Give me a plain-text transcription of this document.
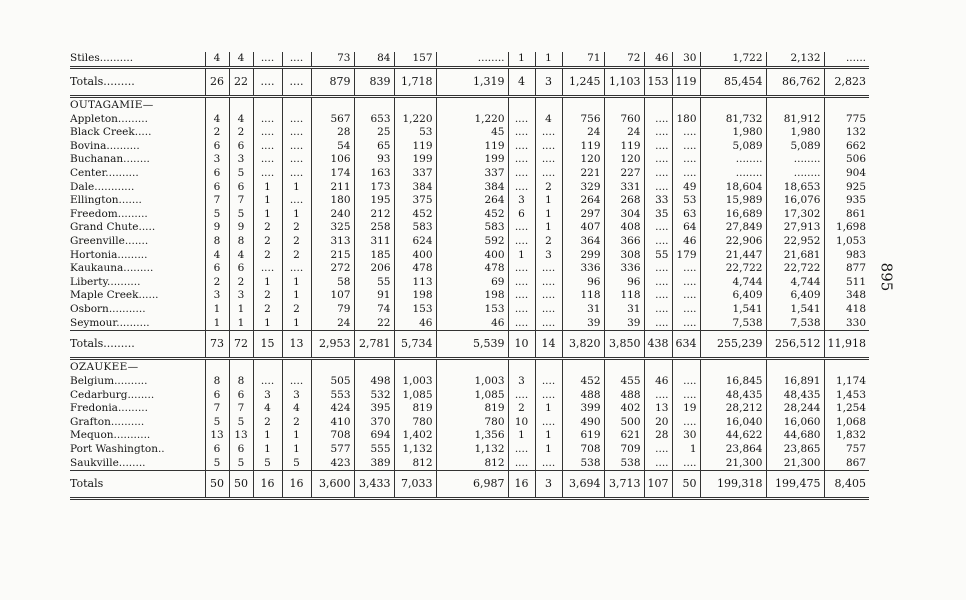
895
Stiles..........	4	4	....	....	73	84	157	........	1	1	71	72	46	30	1,722	2,132	......
Totals.........	26	22	....	....	879	839	1,718	1,319	4	3	1,245	1,103	153	119	85,454	86,762	2,823
OUTAGAMIE—																	
Appleton.........	4	4	....	....	567	653	1,220	1,220	....	4	756	760	....	180	81,732	81,912	775
Black Creek.....	2	2	....	....	28	25	53	45	....	....	24	24	....	....	1,980	1,980	132
Bovina..........	6	6	....	....	54	65	119	119	....	....	119	119	....	....	5,089	5,089	662
Buchanan........	3	3	....	....	106	93	199	199	....	....	120	120	....	....	........	........	506
Center..........	6	5	....	....	174	163	337	337	....	....	221	227	....	....	........	........	904
Dale............	6	6	1	1	211	173	384	384	....	2	329	331	....	49	18,604	18,653	925
Ellington.......	7	7	1	....	180	195	375	264	3	1	264	268	33	53	15,989	16,076	935
Freedom.........	5	5	1	1	240	212	452	452	6	1	297	304	35	63	16,689	17,302	861
Grand Chute.....	9	9	2	2	325	258	583	583	....	1	407	408	....	64	27,849	27,913	1,698
Greenville.......	8	8	2	2	313	311	624	592	....	2	364	366	....	46	22,906	22,952	1,053
Hortonia.........	4	4	2	2	215	185	400	400	1	3	299	308	55	179	21,447	21,681	983
Kaukauna.........	6	6	....	....	272	206	478	478	....	....	336	336	....	....	22,722	22,722	877
Liberty..........	2	2	1	1	58	55	113	69	....	....	96	96	....	....	4,744	4,744	511
Maple Creek......	3	3	2	1	107	91	198	198	....	....	118	118	....	....	6,409	6,409	348
Osborn...........	1	1	2	2	79	74	153	153	....	....	31	31	....	....	1,541	1,541	418
Seymour..........	1	1	1	1	24	22	46	46	....	....	39	39	....	....	7,538	7,538	330
Totals.........	73	72	15	13	2,953	2,781	5,734	5,539	10	14	3,820	3,850	438	634	255,239	256,512	11,918
OZAUKEE—																	
Belgium..........	8	8	....	....	505	498	1,003	1,003	3	....	452	455	46	....	16,845	16,891	1,174
Cedarburg........	6	6	3	3	553	532	1,085	1,085	....	....	488	488	....	....	48,435	48,435	1,453
Fredonia.........	7	7	4	4	424	395	819	819	2	1	399	402	13	19	28,212	28,244	1,254
Grafton..........	5	5	2	2	410	370	780	780	10	....	490	500	20	....	16,040	16,060	1,068
Mequon...........	13	13	1	1	708	694	1,402	1,356	1	1	619	621	28	30	44,622	44,680	1,832
Port Washington..	6	6	1	1	577	555	1,132	1,132	....	1	708	709	....	1	23,864	23,865	757
Saukville........	5	5	5	5	423	389	812	812	....	....	538	538	....	....	21,300	21,300	867
Totals	50	50	16	16	3,600	3,433	7,033	6,987	16	3	3,694	3,713	107	50	199,318	199,475	8,405
